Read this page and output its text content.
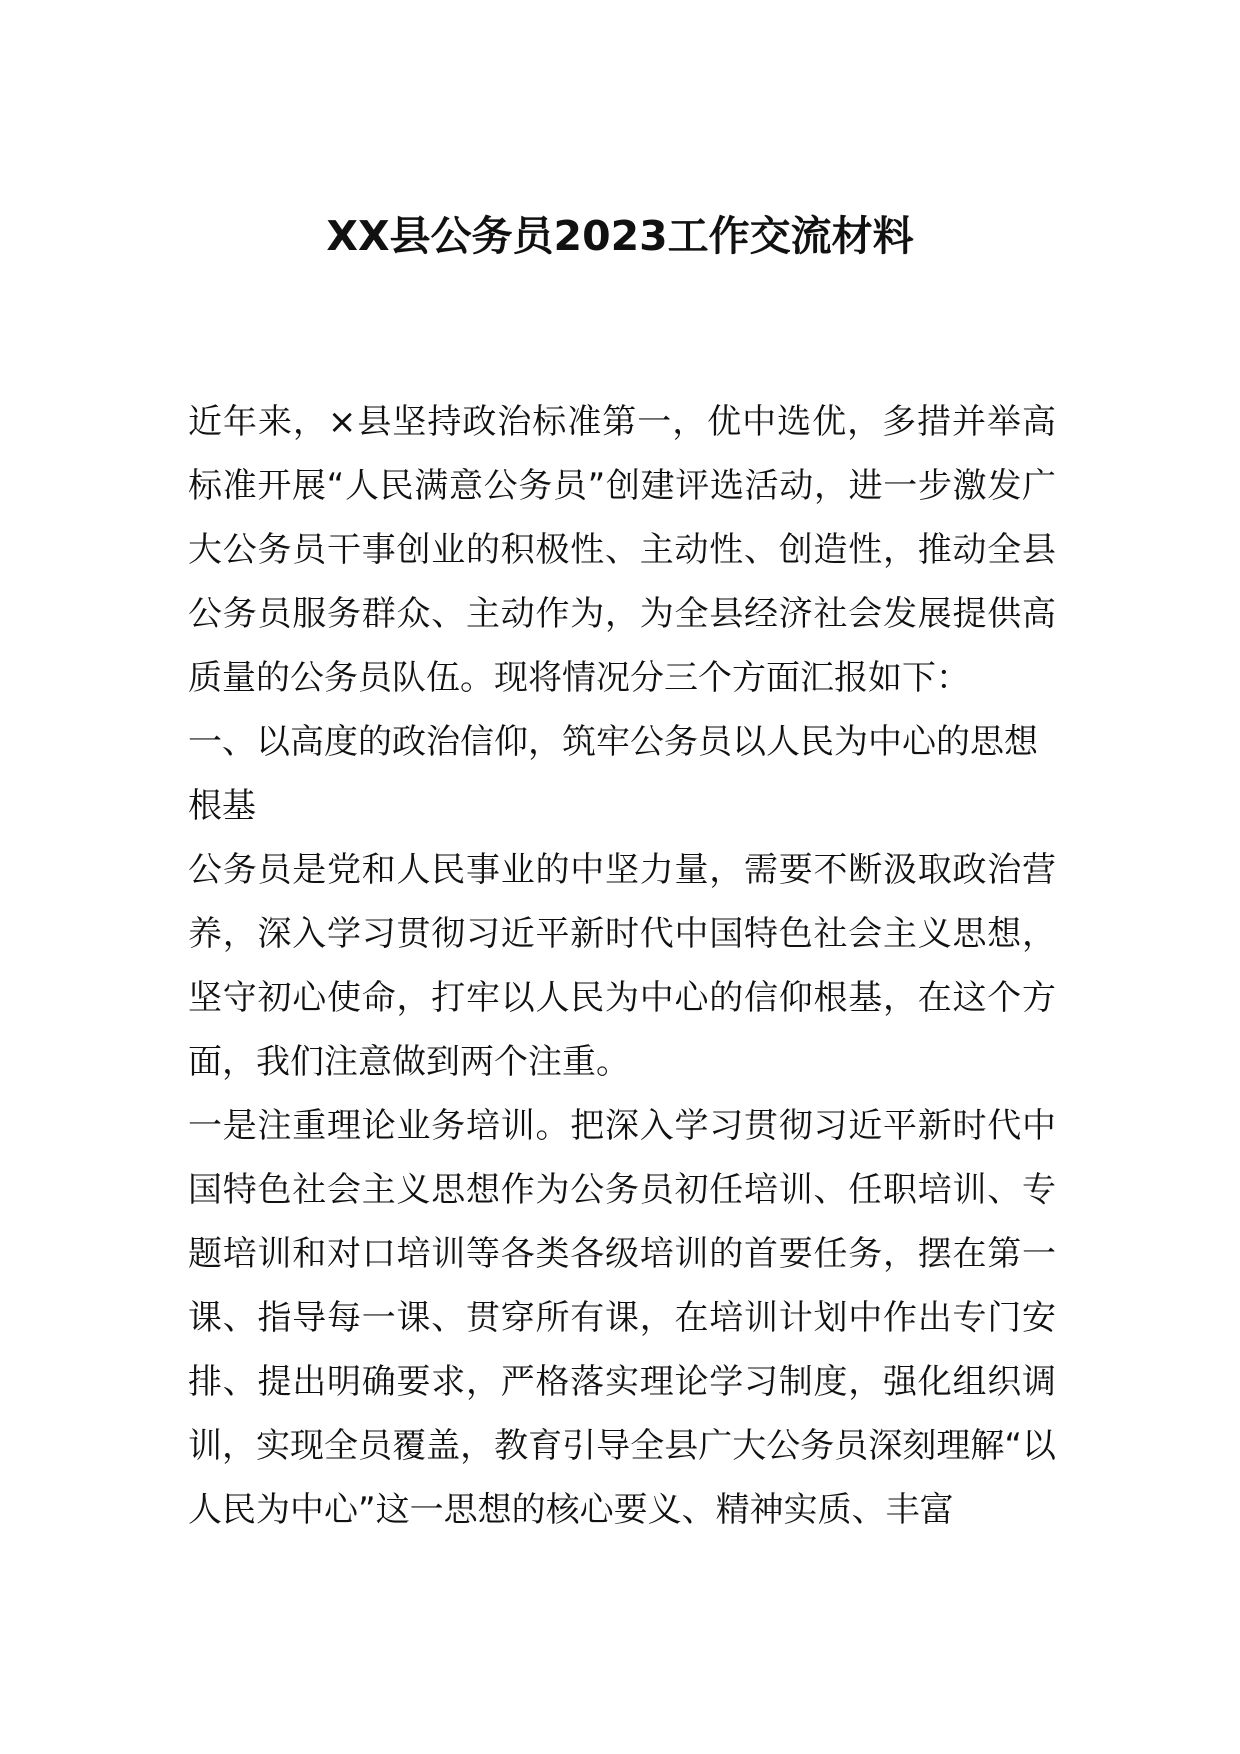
XX县公务员2023工作交流材料

近年来，×县坚持政治标准第一，优中选优，多措并举高标准开展“人民满意公务员”创建评选活动，进一步激发广大公务员干事创业的积极性、主动性、创造性，推动全县公务员服务群众、主动作为，为全县经济社会发展提供高质量的公务员队伍。现将情况分三个方面汇报如下：

一、以高度的政治信仰，筑牢公务员以人民为中心的思想根基

公务员是党和人民事业的中坚力量，需要不断汲取政治营养，深入学习贯彻习近平新时代中国特色社会主义思想，坚守初心使命，打牢以人民为中心的信仰根基，在这个方面，我们注意做到两个注重。

一是注重理论业务培训。把深入学习贯彻习近平新时代中国特色社会主义思想作为公务员初任培训、任职培训、专题培训和对口培训等各类各级培训的首要任务，摆在第一课、指导每一课、贯穿所有课，在培训计划中作出专门安排、提出明确要求，严格落实理论学习制度，强化组织调训，实现全员覆盖，教育引导全县广大公务员深刻理解“以人民为中心”这一思想的核心要义、精神实质、丰富
